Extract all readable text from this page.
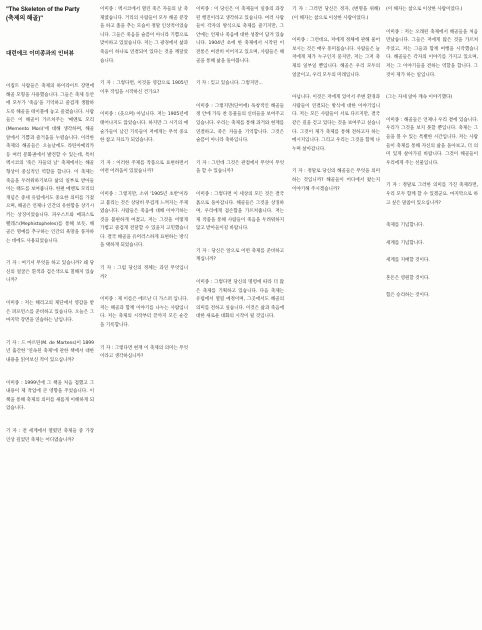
"The Skeleton of the Party
(축제의 해골)"
대런에크 이미종과의 인터뷰
이집트 사람들은 축제의 하이라이트 장면에 해골 모형을 사용했습니다. 그들은 축제 동안에 모두가 '죽음'을 기억하고 즐겁게 생활하도록 해골을 테이블에 놓고 즐겼습니다. 사람들은 이 해골이 가르쳐주는 '메멘토 모리(Memento Mori)'에 대해 생각하며, 해골 앞에서 기쁨과 즐거움을 누렸습니다. 이러한 축제의 해골들은 오늘날에도 라틴아메리카 등 여러 문화권에서 발견할 수 있는데, 특히 멕시코의 '죽은 자들의 날' 축제에서는 해골 형상이 중심적인 역할을 합니다. 이 축제는 죽음을 두려워하기보다 삶의 일부로 받아들이는 태도를 보여줍니다. 한편 메멘토 모리의 개념은 중세 유럽에서도 중요한 의미를 가졌으며, 해골은 언제나 인간의 유한함을 상기시키는 상징이었습니다. 파우스트와 메피스토펠레스(Mephistopheles)를 통해 보듯, 해골은 명예를 추구하는 인간의 욕망을 풍자하는 데에도 사용되었습니다.
기 자 : 여기서 무엇을 하고 있습니까? 왜 당신의 얼굴은 흰색과 검은색으로 칠해져 있습니까?
이미종 : 저는 해리고의 제단에서 영감을 받은 퍼포먼스를 준비하고 있습니다. 오늘은 그 마지막 장면을 연습하는 날입니다.
기 자 : 드 마르틴(M. de Martens)이 1899년 출간한 '연속된 축제'에 관한 책에서 대한 내용을 읽어보신 적이 있으십니까?
이미종 : 1999년에 그 책을 처음 접했고 그 내용이 제 작업에 큰 영향을 주었습니다. 이 책을 통해 축제의 의미를 새롭게 이해하게 되었습니다.
기 자 : 전 세계에서 열렸던 축제들 중 가장 인상 깊었던 축제는 어디였습니까?
이미종 : 멕시코에서 열린 죽은 자들의 날 축제였습니다. 거리의 사람들이 모두 해골 분장을 하고 춤을 추는 모습이 정말 인상적이었습니다. 그들은 죽음을 슬픔이 아니라 기쁨으로 맞이하고 있었습니다. 저는 그 광경에서 삶과 죽음이 하나로 연결되어 있다는 것을 깨달았습니다.
기 자 : 그렇다면, 이것을 영감으로 1905년 이후 작업을 시작하신 건가요?
이미종 : (웃으며) 아닙니다. 저는 1905년에 태어나지도 않았습니다. 하지만 그 시기의 예술가들이 남긴 기록들이 저에게는 무척 중요한 참고 자료가 되었습니다.
기 자 : 이러한 주제를 작품으로 표현하면서 어떤 어려움이 있었습니까?
이미종 : 그렇지만, 소위 '1905년 초반'이라고 불리는 것은 상당히 무겁게 느껴지는 주제였습니다. 사람들은 죽음에 대해 이야기하는 것을 불편하게 여겼고, 저는 그것을 어떻게 가볍고 즐겁게 전달할 수 있을지 고민했습니다. 결국 해골을 유머러스하게 표현하는 방식을 택하게 되었습니다.
기 자 : 그럼 당신의 정체는 과연 무엇입니까?
이미종 : 제 이름은 에르난 디 가스퍼 입니다. 저는 해골과 함께 이야기를 나누는 사람입니다. 저는 축제의 시작부터 끝까지 모든 순간을 기록합니다.
기 자 : 그렇다면 현재 이 축제의 의미는 무엇이라고 생각하십니까?
이미종 : 이 당신은 이 축제들이 일종의 과장된 행진이라고 생각하고 있습니다. 여러 사람들이 각자의 방식으로 축제를 즐기지만, 그 안에는 언제나 죽음에 대한 성찰이 담겨 있습니다. 1904년 초에 한 축제에서 시작된 이 전통은 여전히 이어지고 있으며, 사람들은 해골을 통해 삶을 돌아봅니다.
기 자 : 잊고 있습니다. 그렇지만...
이미종 : 그렇지만(단어에) 독창적인 해골들 정 안에 가득 찬 동물들의 신비들을 보여주고 있습니다. 우리는 축제를 통해 과거와 현재를 연결하고, 죽은 자들을 기억합니다. 그것은 슬픔이 아니라 축하입니다.
기 자 : 그런데 그것은 관점에서 무엇이 무엇을 할 수 있습니까?
이미종 : 그렇다면 이 세상의 모든 것은 결국 흙으로 돌아갑니다. 해골들은 그것을 상징하며, 우리에게 겸손함을 가르쳐줍니다. 저는 제 작품을 통해 사람들이 죽음을 두려워하지 않고 받아들이길 바랍니다.
기 자 : 당신은 앞으로 어떤 축제를 준비하고 계십니까?
이미종 : 그렇다면 당신의 명령에 따라 더 많은 축제를 기획하고 있습니다. 다음 축제는 유럽에서 열릴 예정이며, 그곳에서도 해골의 의미를 전하고 싶습니다. 이것은 삶과 죽음에 대한 새로운 대화의 시작이 될 것입니다.
기 자 : 그러면 당신은 정자, (변명을 위해) (이 해자는 참으로 이상한 사람이었다.)
이미종 : 그런데요, 저에게 정체에 관해 물어보시는 것은 매우 흥미롭습니다. 사람들은 늘 저에게 제가 누구인지 묻지만, 저는 그저 축제의 일부일 뿐입니다. 해골은 우리 모두의 얼굴이고, 우리 모두의 미래입니다.
아닙니다. 이것은 저에게 있어서 주변 환경과 사람들이 연결되는 방식에 대한 이야기입니다. 저는 모든 사람들이 서로 다르지만, 결국 같은 길을 걷고 있다는 것을 보여주고 싶습니다. 그것이 제가 축제를 통해 전하고자 하는 메시지입니다. 그리고 우리는 그것을 함께 나누며 살아갑니다.
기 자 : 정말로 당신의 해골들은 무엇을 의미하는 것입니까? 해골들이 어디에서 왔는지 이야기해 주시겠습니까?
(이 해자는 참으로 이상한 사람이었다.)
이미종 : 저는 오래된 축제에서 해골들을 처음 만났습니다. 그들은 저에게 많은 것을 가르쳐 주었고, 저는 그들과 함께 여행을 시작했습니다. 해골들은 각자의 이야기를 가지고 있으며, 저는 그 이야기들을 전하는 역할을 합니다. 그것이 제가 하는 일입니다.
(그는 자세 앉아 계속 이야기했다)
이미종 : 해골들은 언제나 우리 곁에 있습니다. 우리가 그것을 보지 못할 뿐입니다. 축제는 그들을 볼 수 있는 특별한 시간입니다. 저는 사람들이 축제를 통해 자신의 삶을 돌아보고, 더 의미 있게 살아가길 바랍니다. 그것이 해골들이 우리에게 주는 선물입니다.
기 자 : 정말로 그러한 의미를 가진 축제라면, 우리 모두 함께 할 수 있겠군요. 마지막으로 하고 싶은 말씀이 있으십니까?
축제를 기념합니다.
세계를 기념합니다.
세계를 지배할 것이다.
혼돈은 영원할 것이다.
힘은 승리하는 것이다.
